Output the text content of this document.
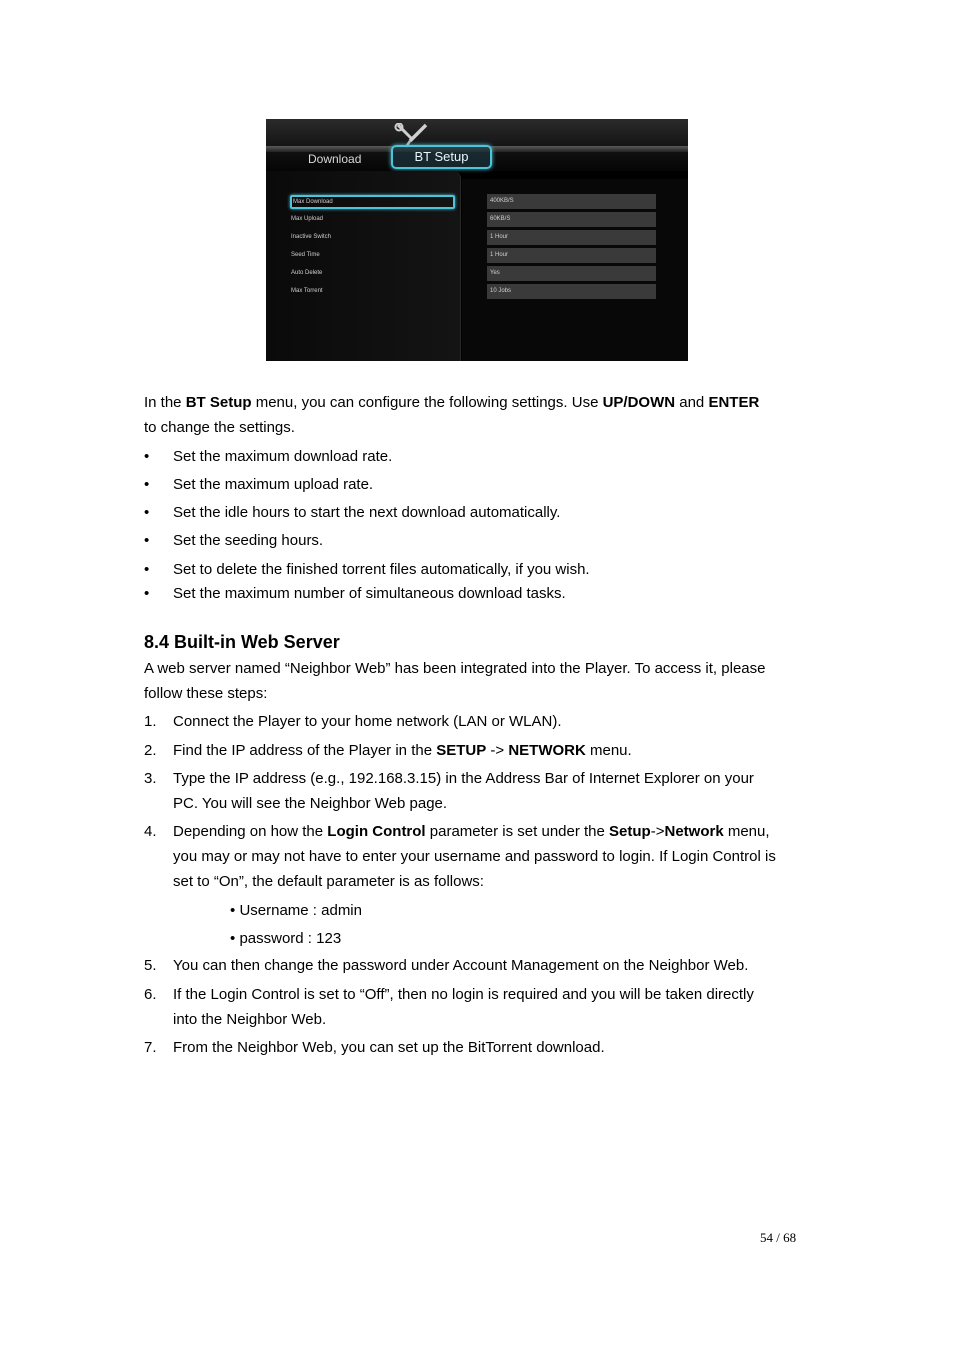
Download	BT Setup
Max Download
Max Upload
Inactive Switch
Seed Time
Auto Delete
Max Torrent
400KB/S
60KB/S
1 Hour
1 Hour
Yes
10 Jobs
In the BT Setup menu, you can configure the following settings. Use UP/DOWN and ENTER
to change the settings.
• Set the maximum download rate.
• Set the maximum upload rate.
• Set the idle hours to start the next download automatically.
• Set the seeding hours.
• Set to delete the finished torrent files automatically, if you wish.
• Set the maximum number of simultaneous download tasks.
8.4 Built-in Web Server
A web server named “Neighbor Web” has been integrated into the Player. To access it, please
follow these steps:
1. Connect the Player to your home network (LAN or WLAN).
2. Find the IP address of the Player in the SETUP -> NETWORK menu.
3. Type the IP address (e.g., 192.168.3.15) in the Address Bar of Internet Explorer on your
PC. You will see the Neighbor Web page.
4. Depending on how the Login Control parameter is set under the Setup->Network menu,
you may or may not have to enter your username and password to login. If Login Control is
set to “On”, the default parameter is as follows:
• Username : admin
• password : 123
5. You can then change the password under Account Management on the Neighbor Web.
6. If the Login Control is set to “Off”, then no login is required and you will be taken directly
into the Neighbor Web.
7. From the Neighbor Web, you can set up the BitTorrent download.
54 / 68
